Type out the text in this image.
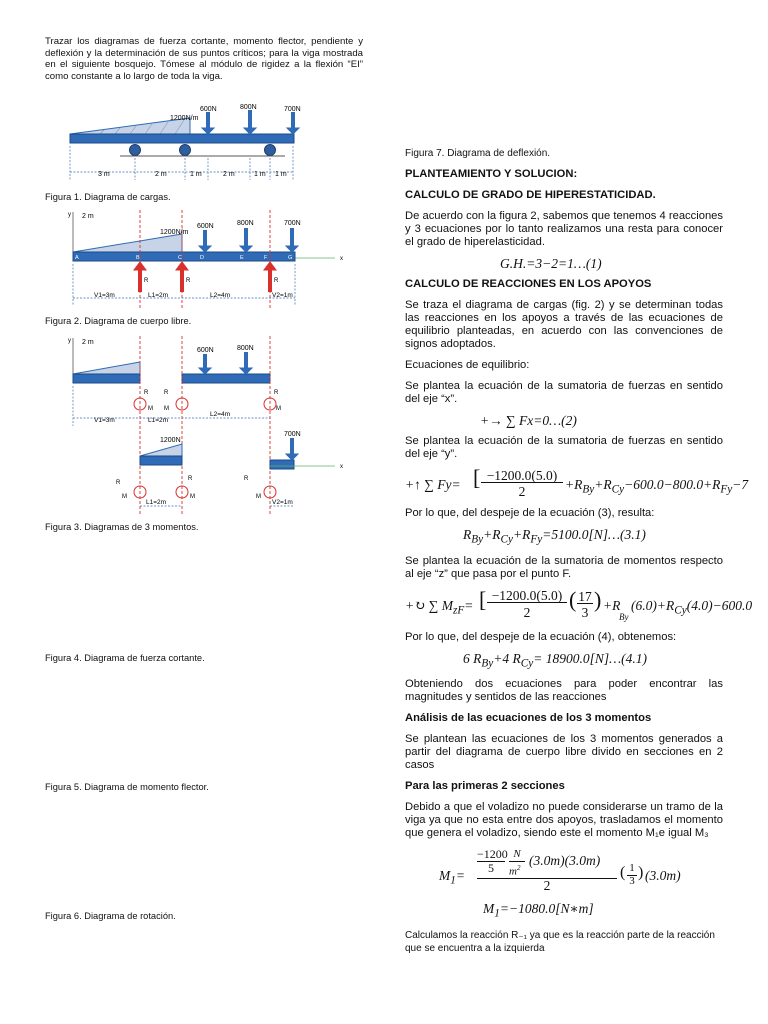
Trazar los diagramas de fuerza cortante, momento flector, pendiente y deflexión y la determinación de sus puntos críticos; para la viga mostrada en el siguiente bosquejo. Tómese al módulo de rigidez a la flexión “EI” como constante a lo largo de toda la viga.
1200N/m
600N	800N	700N
3 m	2 m	1 m	2 m	1 m 1 m
Figura 1. Diagrama de cargas.
y 2 m
x
A	B	C	D	E	F	G
R	R	R
1200N/m
600N	800N	700N
V1=3m	L1=2m	L2=4m	V2=1m
Figura 2. Diagrama de cuerpo libre.
y 2 m
600N	800N
R	R	R
M M	M
V1=3m	L1=2m
L2=4m
1200N
700N
x
R
R	R
M	M	M
L1=2m	V2=1m
Figura 3. Diagramas de 3 momentos.
Figura 4. Diagrama de fuerza cortante.
Figura 5. Diagrama de momento flector.
Figura 6. Diagrama de rotación.
Figura 7. Diagrama de deflexión.
PLANTEAMIENTO Y SOLUCION:
CALCULO DE GRADO DE HIPERESTATICIDAD.
De acuerdo con la figura 2, sabemos que tenemos 4 reacciones y 3 ecuaciones por lo tanto realizamos una resta para conocer el grado de hiperelasticidad.
G.H.=3−2=1…(1)
CALCULO DE REACCIONES EN LOS APOYOS
Se traza el diagrama de cargas (fig. 2) y se determinan todas las reacciones en los apoyos a través de las ecuaciones de equilibrio planteadas, en acuerdo con las convenciones de signos adoptados.
Ecuaciones de equilibrio:
Se plantea la ecuación de la sumatoria de fuerzas en sentido del eje “x”.
+→ ∑ Fx=0…(2)
Se plantea la ecuación de la sumatoria de fuerzas en sentido del eje “y”.
+↑ ∑ Fy= [ −1200.0(5.0)
2	$+R_{By}+R_{Cy}-600.0-800.0+R_{Fy}-7$
Por lo que, del despeje de la ecuación (3), resulta:
$R_{By}+R_{Cy}+R_{Fy}=5100.0[N]\dots(3.1)$
Se plantea la ecuación de la sumatoria de momentos respecto al eje “z” que pasa por el punto F.
+↻ ∑ $M_{zF}=$ [ −1200.0(5.0)
2
( 17
3
) +R
By
$(6.0)+R_{Cy}(4.0)-600.0$
Por lo que, del despeje de la ecuación (4), obtenemos:
6 $R_{By}+4$ $R_{Cy}=$ 18900.0[N]…(4.1)
Obteniendo dos ecuaciones para poder encontrar las magnitudes y sentidos de las reacciones
Análisis de las ecuaciones de los 3 momentos
Se plantean las ecuaciones de los 3 momentos generados a partir del diagrama de cuerpo libre divido en secciones en 2 casos
Para las primeras 2 secciones
Debido a que el voladizo no puede considerarse un tramo de la viga ya que no esta entre dos apoyos, trasladamos el momento que genera el voladizo, siendo este el momento M₁e igual M₃
$M_1=$
−1200
5
N
$m^2$ (3.0m)(3.0m)
2
( 1
3 ) (3.0m)
$M_1=-1080.0[N∗m]$
Calculamos la reacción R₋₁ ya que es la reacción parte de la reacción que se encuentra a la izquierda
